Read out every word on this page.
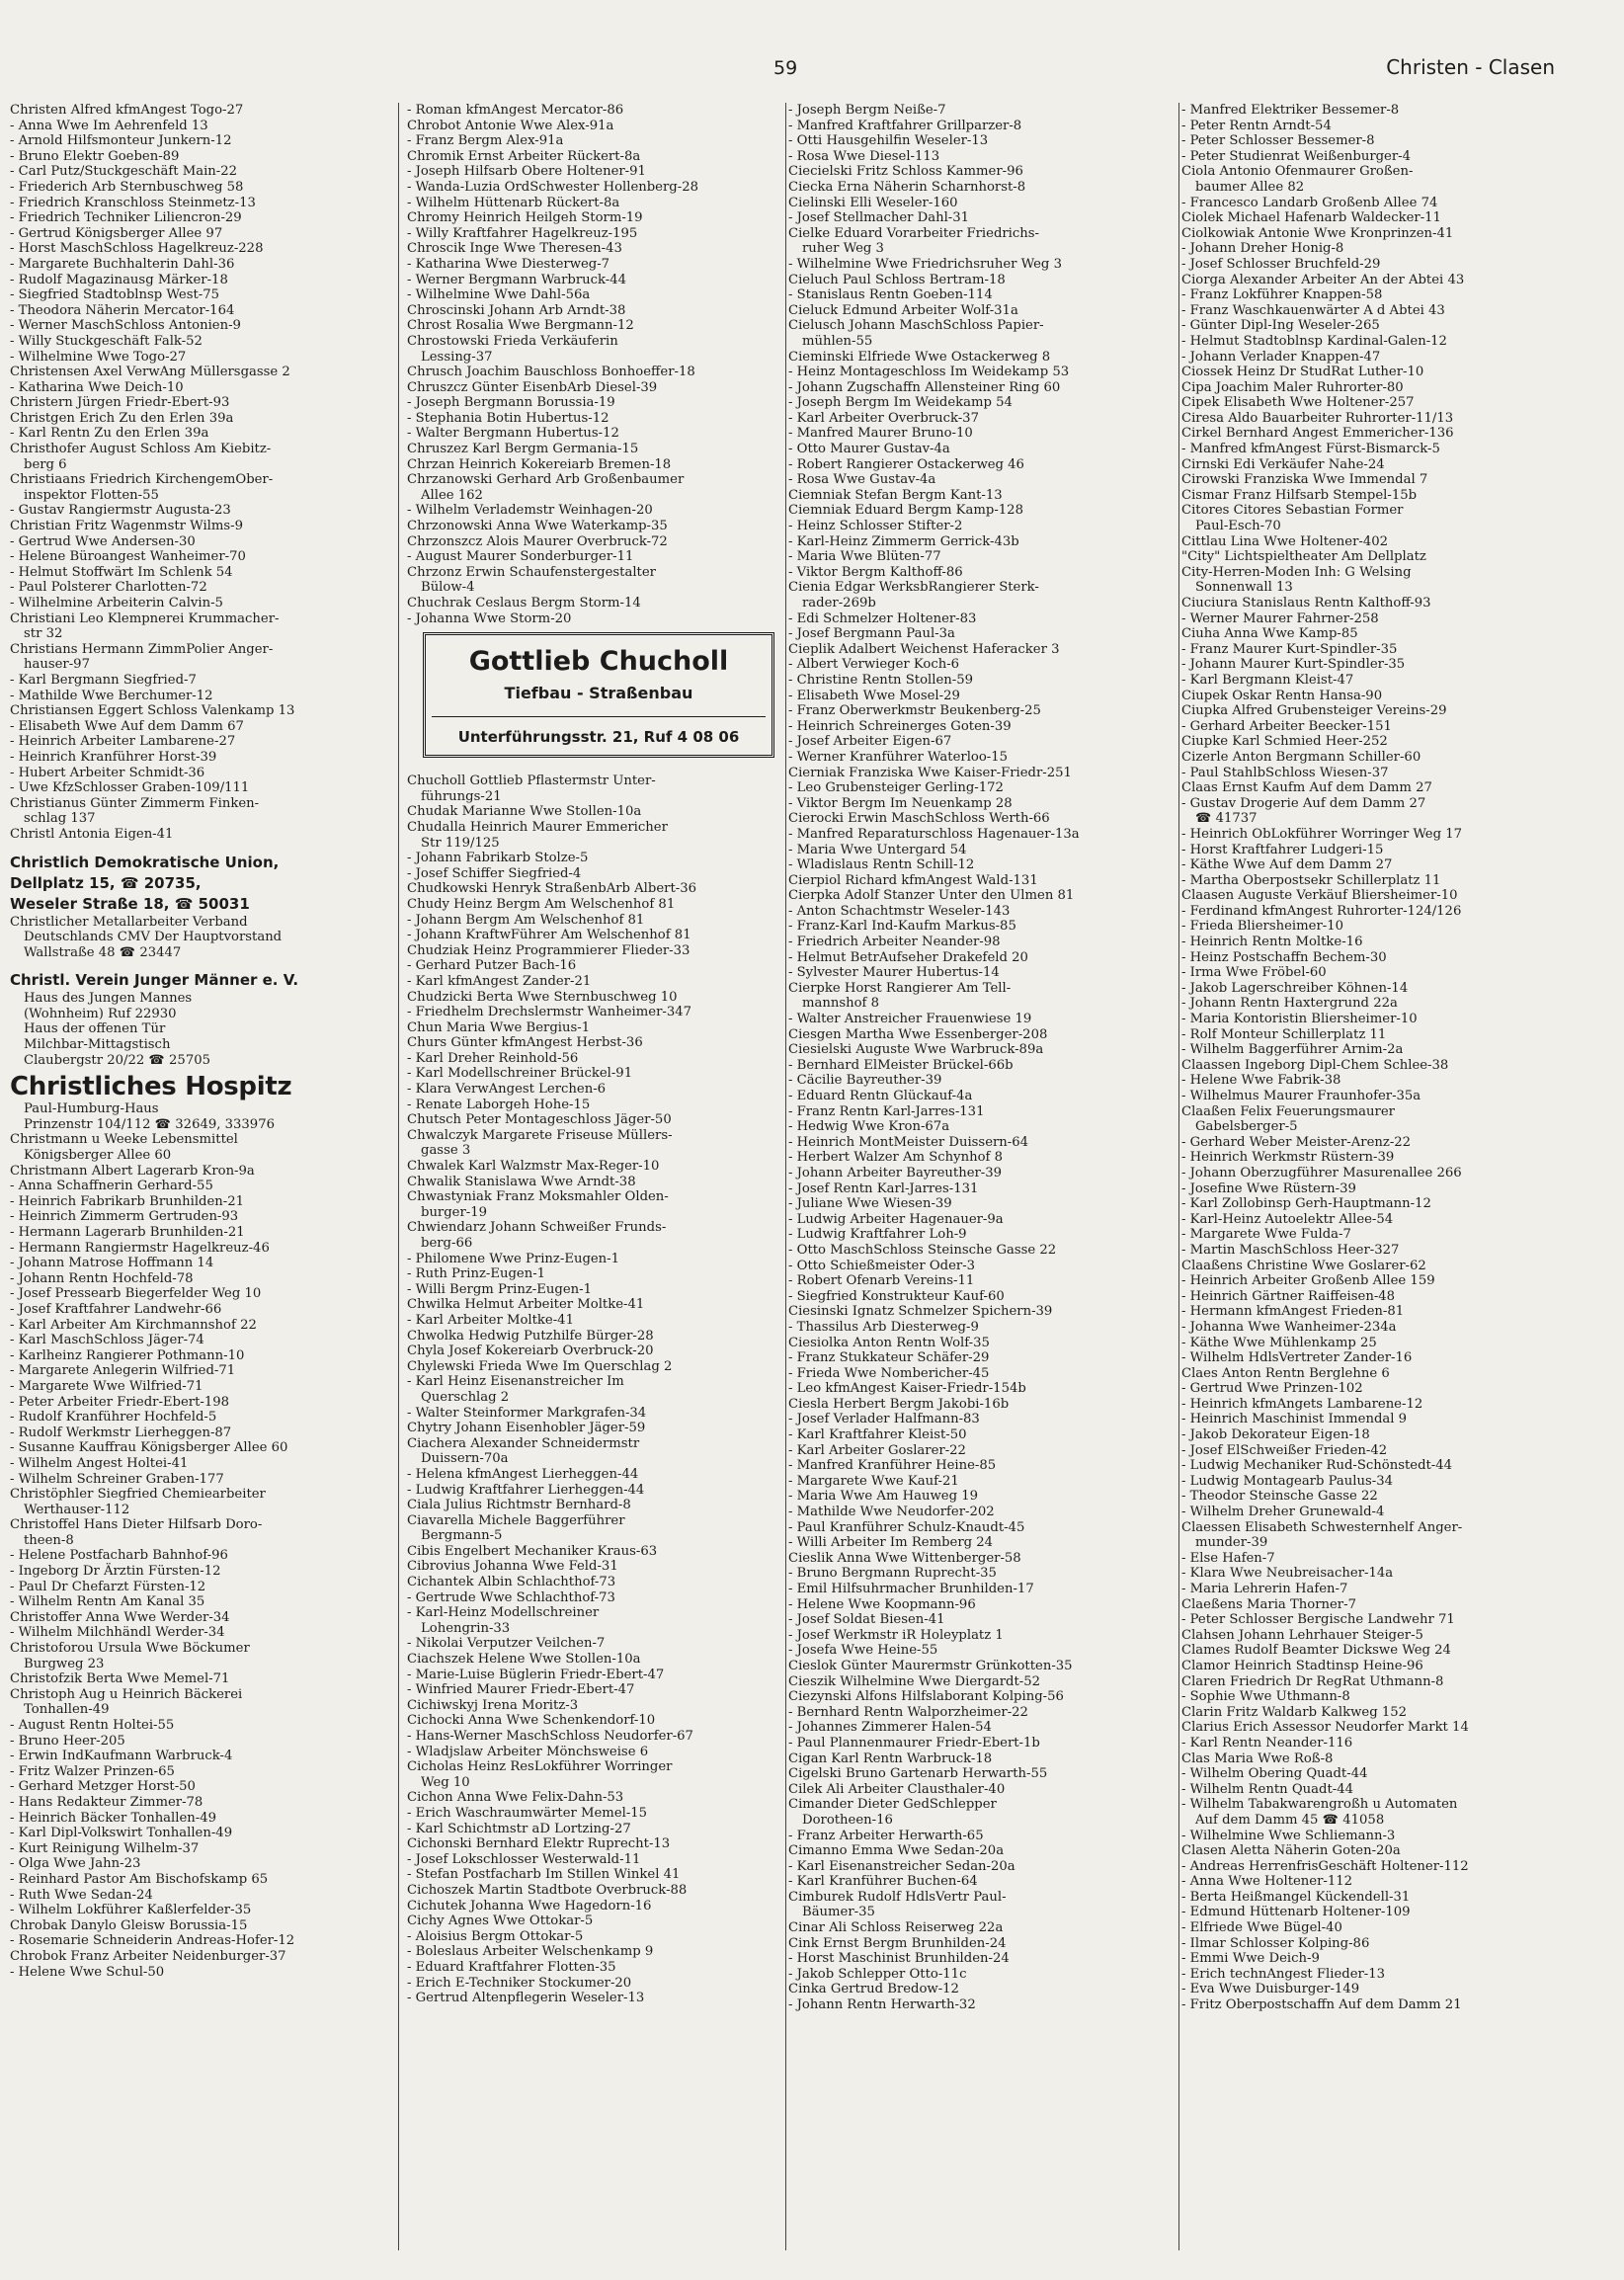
59	Christen - Clasen
Christen Alfred kfmAngest Togo-27
- Anna Wwe Im Aehrenfeld 13
- Arnold Hilfsmonteur Junkern-12
- Bruno Elektr Goeben-89
- Carl Putz/Stuckgeschäft Main-22
- Friederich Arb Sternbuschweg 58
- Friedrich Kranschloss Steinmetz-13
- Friedrich Techniker Liliencron-29
- Gertrud Königsberger Allee 97
- Horst MaschSchloss Hagelkreuz-228
- Margarete Buchhalterin Dahl-36
- Rudolf Magazinausg Märker-18
- Siegfried Stadtoblnsp West-75
- Theodora Näherin Mercator-164
- Werner MaschSchloss Antonien-9
- Willy Stuckgeschäft Falk-52
- Wilhelmine Wwe Togo-27
Christensen Axel VerwAng Müllersgasse 2
- Katharina Wwe Deich-10
Christern Jürgen Friedr-Ebert-93
Christgen Erich Zu den Erlen 39a
- Karl Rentn Zu den Erlen 39a
Christhofer August Schloss Am Kiebitz-
berg 6
Christiaans Friedrich KirchengemOber-
inspektor Flotten-55
- Gustav Rangiermstr Augusta-23
Christian Fritz Wagenmstr Wilms-9
- Gertrud Wwe Andersen-30
- Helene Büroangest Wanheimer-70
- Helmut Stoffwärt Im Schlenk 54
- Paul Polsterer Charlotten-72
- Wilhelmine Arbeiterin Calvin-5
Christiani Leo Klempnerei Krummacher-
str 32
Christians Hermann ZimmPolier Anger-
hauser-97
- Karl Bergmann Siegfried-7
- Mathilde Wwe Berchumer-12
Christiansen Eggert Schloss Valenkamp 13
- Elisabeth Wwe Auf dem Damm 67
- Heinrich Arbeiter Lambarene-27
- Heinrich Kranführer Horst-39
- Hubert Arbeiter Schmidt-36
- Uwe KfzSchlosser Graben-109/111
Christianus Günter Zimmerm Finken-
schlag 137
Christl Antonia Eigen-41
Christlich Demokratische Union,
Dellplatz 15, ☎ 20735,
Weseler Straße 18, ☎ 50031
Christlicher Metallarbeiter Verband
Deutschlands CMV Der Hauptvorstand
Wallstraße 48 ☎ 23447
Christl. Verein Junger Männer e. V.
Haus des Jungen Mannes
(Wohnheim) Ruf 22930
Haus der offenen Tür
Milchbar-Mittagstisch
Claubergstr 20/22 ☎ 25705
Christliches Hospitz
Paul-Humburg-Haus
Prinzenstr 104/112 ☎ 32649, 333976
Christmann u Weeke Lebensmittel
Königsberger Allee 60
Christmann Albert Lagerarb Kron-9a
- Anna Schaffnerin Gerhard-55
- Heinrich Fabrikarb Brunhilden-21
- Heinrich Zimmerm Gertruden-93
- Hermann Lagerarb Brunhilden-21
- Hermann Rangiermstr Hagelkreuz-46
- Johann Matrose Hoffmann 14
- Johann Rentn Hochfeld-78
- Josef Pressearb Biegerfelder Weg 10
- Josef Kraftfahrer Landwehr-66
- Karl Arbeiter Am Kirchmannshof 22
- Karl MaschSchloss Jäger-74
- Karlheinz Rangierer Pothmann-10
- Margarete Anlegerin Wilfried-71
- Margarete Wwe Wilfried-71
- Peter Arbeiter Friedr-Ebert-198
- Rudolf Kranführer Hochfeld-5
- Rudolf Werkmstr Lierheggen-87
- Susanne Kauffrau Königsberger Allee 60
- Wilhelm Angest Holtei-41
- Wilhelm Schreiner Graben-177
Christöphler Siegfried Chemiearbeiter
Werthauser-112
Christoffel Hans Dieter Hilfsarb Doro-
theen-8
- Helene Postfacharb Bahnhof-96
- Ingeborg Dr Ärztin Fürsten-12
- Paul Dr Chefarzt Fürsten-12
- Wilhelm Rentn Am Kanal 35
Christoffer Anna Wwe Werder-34
- Wilhelm Milchhändl Werder-34
Christoforou Ursula Wwe Böckumer
Burgweg 23
Christofzik Berta Wwe Memel-71
Christoph Aug u Heinrich Bäckerei
Tonhallen-49
- August Rentn Holtei-55
- Bruno Heer-205
- Erwin IndKaufmann Warbruck-4
- Fritz Walzer Prinzen-65
- Gerhard Metzger Horst-50
- Hans Redakteur Zimmer-78
- Heinrich Bäcker Tonhallen-49
- Karl Dipl-Volkswirt Tonhallen-49
- Kurt Reinigung Wilhelm-37
- Olga Wwe Jahn-23
- Reinhard Pastor Am Bischofskamp 65
- Ruth Wwe Sedan-24
- Wilhelm Lokführer Kaßlerfelder-35
Chrobak Danylo Gleisw Borussia-15
- Rosemarie Schneiderin Andreas-Hofer-12
Chrobok Franz Arbeiter Neidenburger-37
- Helene Wwe Schul-50
- Roman kfmAngest Mercator-86
Chrobot Antonie Wwe Alex-91a
- Franz Bergm Alex-91a
Chromik Ernst Arbeiter Rückert-8a
- Joseph Hilfsarb Obere Holtener-91
- Wanda-Luzia OrdSchwester Hollenberg-28
- Wilhelm Hüttenarb Rückert-8a
Chromy Heinrich Heilgeh Storm-19
- Willy Kraftfahrer Hagelkreuz-195
Chroscik Inge Wwe Theresen-43
- Katharina Wwe Diesterweg-7
- Werner Bergmann Warbruck-44
- Wilhelmine Wwe Dahl-56a
Chroscinski Johann Arb Arndt-38
Chrost Rosalia Wwe Bergmann-12
Chrostowski Frieda Verkäuferin
Lessing-37
Chrusch Joachim Bauschloss Bonhoeffer-18
Chruszcz Günter EisenbArb Diesel-39
- Joseph Bergmann Borussia-19
- Stephania Botin Hubertus-12
- Walter Bergmann Hubertus-12
Chruszez Karl Bergm Germania-15
Chrzan Heinrich Kokereiarb Bremen-18
Chrzanowski Gerhard Arb Großenbaumer
Allee 162
- Wilhelm Verlademstr Weinhagen-20
Chrzonowski Anna Wwe Waterkamp-35
Chrzonszcz Alois Maurer Overbruck-72
- August Maurer Sonderburger-11
Chrzonz Erwin Schaufenstergestalter
Bülow-4
Chuchrak Ceslaus Bergm Storm-14
- Johanna Wwe Storm-20
Gottlieb Chucholl
Tiefbau - Straßenbau
Unterführungsstr. 21, Ruf 4 08 06
Chucholl Gottlieb Pflastermstr Unter-
führungs-21
Chudak Marianne Wwe Stollen-10a
Chudalla Heinrich Maurer Emmericher
Str 119/125
- Johann Fabrikarb Stolze-5
- Josef Schiffer Siegfried-4
Chudkowski Henryk StraßenbArb Albert-36
Chudy Heinz Bergm Am Welschenhof 81
- Johann Bergm Am Welschenhof 81
- Johann KraftwFührer Am Welschenhof 81
Chudziak Heinz Programmierer Flieder-33
- Gerhard Putzer Bach-16
- Karl kfmAngest Zander-21
Chudzicki Berta Wwe Sternbuschweg 10
- Friedhelm Drechslermstr Wanheimer-347
Chun Maria Wwe Bergius-1
Churs Günter kfmAngest Herbst-36
- Karl Dreher Reinhold-56
- Karl Modellschreiner Brückel-91
- Klara VerwAngest Lerchen-6
- Renate Laborgeh Hohe-15
Chutsch Peter Montageschloss Jäger-50
Chwalczyk Margarete Friseuse Müllers-
gasse 3
Chwalek Karl Walzmstr Max-Reger-10
Chwalik Stanislawa Wwe Arndt-38
Chwastyniak Franz Moksmahler Olden-
burger-19
Chwiendarz Johann Schweißer Frunds-
berg-66
- Philomene Wwe Prinz-Eugen-1
- Ruth Prinz-Eugen-1
- Willi Bergm Prinz-Eugen-1
Chwilka Helmut Arbeiter Moltke-41
- Karl Arbeiter Moltke-41
Chwolka Hedwig Putzhilfe Bürger-28
Chyla Josef Kokereiarb Overbruck-20
Chylewski Frieda Wwe Im Querschlag 2
- Karl Heinz Eisenanstreicher Im
Querschlag 2
- Walter Steinformer Markgrafen-34
Chytry Johann Eisenhobler Jäger-59
Ciachera Alexander Schneidermstr
Duissern-70a
- Helena kfmAngest Lierheggen-44
- Ludwig Kraftfahrer Lierheggen-44
Ciala Julius Richtmstr Bernhard-8
Ciavarella Michele Baggerführer
Bergmann-5
Cibis Engelbert Mechaniker Kraus-63
Cibrovius Johanna Wwe Feld-31
Cichantek Albin Schlachthof-73
- Gertrude Wwe Schlachthof-73
- Karl-Heinz Modellschreiner
Lohengrin-33
- Nikolai Verputzer Veilchen-7
Ciachszek Helene Wwe Stollen-10a
- Marie-Luise Büglerin Friedr-Ebert-47
- Winfried Maurer Friedr-Ebert-47
Cichiwskyj Irena Moritz-3
Cichocki Anna Wwe Schenkendorf-10
- Hans-Werner MaschSchloss Neudorfer-67
- Wladjslaw Arbeiter Mönchsweise 6
Cicholas Heinz ResLokführer Worringer
Weg 10
Cichon Anna Wwe Felix-Dahn-53
- Erich Waschraumwärter Memel-15
- Karl Schichtmstr aD Lortzing-27
Cichonski Bernhard Elektr Ruprecht-13
- Josef Lokschlosser Westerwald-11
- Stefan Postfacharb Im Stillen Winkel 41
Cichoszek Martin Stadtbote Overbruck-88
Cichutek Johanna Wwe Hagedorn-16
Cichy Agnes Wwe Ottokar-5
- Aloisius Bergm Ottokar-5
- Boleslaus Arbeiter Welschenkamp 9
- Eduard Kraftfahrer Flotten-35
- Erich E-Techniker Stockumer-20
- Gertrud Altenpflegerin Weseler-13
- Joseph Bergm Neiße-7
- Manfred Kraftfahrer Grillparzer-8
- Otti Hausgehilfin Weseler-13
- Rosa Wwe Diesel-113
Ciecielski Fritz Schloss Kammer-96
Ciecka Erna Näherin Scharnhorst-8
Cielinski Elli Weseler-160
- Josef Stellmacher Dahl-31
Cielke Eduard Vorarbeiter Friedrichs-
ruher Weg 3
- Wilhelmine Wwe Friedrichsruher Weg 3
Cieluch Paul Schloss Bertram-18
- Stanislaus Rentn Goeben-114
Cieluck Edmund Arbeiter Wolf-31a
Cielusch Johann MaschSchloss Papier-
mühlen-55
Cieminski Elfriede Wwe Ostackerweg 8
- Heinz Montageschloss Im Weidekamp 53
- Johann Zugschaffn Allensteiner Ring 60
- Joseph Bergm Im Weidekamp 54
- Karl Arbeiter Overbruck-37
- Manfred Maurer Bruno-10
- Otto Maurer Gustav-4a
- Robert Rangierer Ostackerweg 46
- Rosa Wwe Gustav-4a
Ciemniak Stefan Bergm Kant-13
Ciemniak Eduard Bergm Kamp-128
- Heinz Schlosser Stifter-2
- Karl-Heinz Zimmerm Gerrick-43b
- Maria Wwe Blüten-77
- Viktor Bergm Kalthoff-86
Cienia Edgar WerksbRangierer Sterk-
rader-269b
- Edi Schmelzer Holtener-83
- Josef Bergmann Paul-3a
Cieplik Adalbert Weichenst Haferacker 3
- Albert Verwieger Koch-6
- Christine Rentn Stollen-59
- Elisabeth Wwe Mosel-29
- Franz Oberwerkmstr Beukenberg-25
- Heinrich Schreinerges Goten-39
- Josef Arbeiter Eigen-67
- Werner Kranführer Waterloo-15
Cierniak Franziska Wwe Kaiser-Friedr-251
- Leo Grubensteiger Gerling-172
- Viktor Bergm Im Neuenkamp 28
Cierocki Erwin MaschSchloss Werth-66
- Manfred Reparaturschloss Hagenauer-13a
- Maria Wwe Untergard 54
- Wladislaus Rentn Schill-12
Cierpiol Richard kfmAngest Wald-131
Cierpka Adolf Stanzer Unter den Ulmen 81
- Anton Schachtmstr Weseler-143
- Franz-Karl Ind-Kaufm Markus-85
- Friedrich Arbeiter Neander-98
- Helmut BetrAufseher Drakefeld 20
- Sylvester Maurer Hubertus-14
Cierpke Horst Rangierer Am Tell-
mannshof 8
- Walter Anstreicher Frauenwiese 19
Ciesgen Martha Wwe Essenberger-208
Ciesielski Auguste Wwe Warbruck-89a
- Bernhard ElMeister Brückel-66b
- Cäcilie Bayreuther-39
- Eduard Rentn Glückauf-4a
- Franz Rentn Karl-Jarres-131
- Hedwig Wwe Kron-67a
- Heinrich MontMeister Duissern-64
- Herbert Walzer Am Schynhof 8
- Johann Arbeiter Bayreuther-39
- Josef Rentn Karl-Jarres-131
- Juliane Wwe Wiesen-39
- Ludwig Arbeiter Hagenauer-9a
- Ludwig Kraftfahrer Loh-9
- Otto MaschSchloss Steinsche Gasse 22
- Otto Schießmeister Oder-3
- Robert Ofenarb Vereins-11
- Siegfried Konstrukteur Kauf-60
Ciesinski Ignatz Schmelzer Spichern-39
- Thassilus Arb Diesterweg-9
Ciesiolka Anton Rentn Wolf-35
- Franz Stukkateur Schäfer-29
- Frieda Wwe Nombericher-45
- Leo kfmAngest Kaiser-Friedr-154b
Ciesla Herbert Bergm Jakobi-16b
- Josef Verlader Halfmann-83
- Karl Kraftfahrer Kleist-50
- Karl Arbeiter Goslarer-22
- Manfred Kranführer Heine-85
- Margarete Wwe Kauf-21
- Maria Wwe Am Hauweg 19
- Mathilde Wwe Neudorfer-202
- Paul Kranführer Schulz-Knaudt-45
- Willi Arbeiter Im Remberg 24
Cieslik Anna Wwe Wittenberger-58
- Bruno Bergmann Ruprecht-35
- Emil Hilfsuhrmacher Brunhilden-17
- Helene Wwe Koopmann-96
- Josef Soldat Biesen-41
- Josef Werkmstr iR Holeyplatz 1
- Josefa Wwe Heine-55
Cieslok Günter Maurermstr Grünkotten-35
Cieszik Wilhelmine Wwe Diergardt-52
Ciezynski Alfons Hilfslaborant Kolping-56
- Bernhard Rentn Walporzheimer-22
- Johannes Zimmerer Halen-54
- Paul Plannenmaurer Friedr-Ebert-1b
Cigan Karl Rentn Warbruck-18
Cigelski Bruno Gartenarb Herwarth-55
Cilek Ali Arbeiter Clausthaler-40
Cimander Dieter GedSchlepper
Dorotheen-16
- Franz Arbeiter Herwarth-65
Cimanno Emma Wwe Sedan-20a
- Karl Eisenanstreicher Sedan-20a
- Karl Kranführer Buchen-64
Cimburek Rudolf HdlsVertr Paul-
Bäumer-35
Cinar Ali Schloss Reiserweg 22a
Cink Ernst Bergm Brunhilden-24
- Horst Maschinist Brunhilden-24
- Jakob Schlepper Otto-11c
Cinka Gertrud Bredow-12
- Johann Rentn Herwarth-32
- Manfred Elektriker Bessemer-8
- Peter Rentn Arndt-54
- Peter Schlosser Bessemer-8
- Peter Studienrat Weißenburger-4
Ciola Antonio Ofenmaurer Großen-
baumer Allee 82
- Francesco Landarb Großenb Allee 74
Ciolek Michael Hafenarb Waldecker-11
Ciolkowiak Antonie Wwe Kronprinzen-41
- Johann Dreher Honig-8
- Josef Schlosser Bruchfeld-29
Ciorga Alexander Arbeiter An der Abtei 43
- Franz Lokführer Knappen-58
- Franz Waschkauenwärter A d Abtei 43
- Günter Dipl-Ing Weseler-265
- Helmut Stadtoblnsp Kardinal-Galen-12
- Johann Verlader Knappen-47
Ciossek Heinz Dr StudRat Luther-10
Cipa Joachim Maler Ruhrorter-80
Cipek Elisabeth Wwe Holtener-257
Ciresa Aldo Bauarbeiter Ruhrorter-11/13
Cirkel Bernhard Angest Emmericher-136
- Manfred kfmAngest Fürst-Bismarck-5
Cirnski Edi Verkäufer Nahe-24
Cirowski Franziska Wwe Immendal 7
Cismar Franz Hilfsarb Stempel-15b
Citores Citores Sebastian Former
Paul-Esch-70
Cittlau Lina Wwe Holtener-402
"City" Lichtspieltheater Am Dellplatz
City-Herren-Moden Inh: G Welsing
Sonnenwall 13
Ciuciura Stanislaus Rentn Kalthoff-93
- Werner Maurer Fahrner-258
Ciuha Anna Wwe Kamp-85
- Franz Maurer Kurt-Spindler-35
- Johann Maurer Kurt-Spindler-35
- Karl Bergmann Kleist-47
Ciupek Oskar Rentn Hansa-90
Ciupka Alfred Grubensteiger Vereins-29
- Gerhard Arbeiter Beecker-151
Ciupke Karl Schmied Heer-252
Cizerle Anton Bergmann Schiller-60
- Paul StahlbSchloss Wiesen-37
Claas Ernst Kaufm Auf dem Damm 27
- Gustav Drogerie Auf dem Damm 27
☎ 41737
- Heinrich ObLokführer Worringer Weg 17
- Horst Kraftfahrer Ludgeri-15
- Käthe Wwe Auf dem Damm 27
- Martha Oberpostsekr Schillerplatz 11
Claasen Auguste Verkäuf Bliersheimer-10
- Ferdinand kfmAngest Ruhrorter-124/126
- Frieda Bliersheimer-10
- Heinrich Rentn Moltke-16
- Heinz Postschaffn Bechem-30
- Irma Wwe Fröbel-60
- Jakob Lagerschreiber Köhnen-14
- Johann Rentn Haxtergrund 22a
- Maria Kontoristin Bliersheimer-10
- Rolf Monteur Schillerplatz 11
- Wilhelm Baggerführer Arnim-2a
Claassen Ingeborg Dipl-Chem Schlee-38
- Helene Wwe Fabrik-38
- Wilhelmus Maurer Fraunhofer-35a
Claaßen Felix Feuerungsmaurer
Gabelsberger-5
- Gerhard Weber Meister-Arenz-22
- Heinrich Werkmstr Rüstern-39
- Johann Oberzugführer Masurenallee 266
- Josefine Wwe Rüstern-39
- Karl Zollobinsp Gerh-Hauptmann-12
- Karl-Heinz Autoelektr Allee-54
- Margarete Wwe Fulda-7
- Martin MaschSchloss Heer-327
Claaßens Christine Wwe Goslarer-62
- Heinrich Arbeiter Großenb Allee 159
- Heinrich Gärtner Raiffeisen-48
- Hermann kfmAngest Frieden-81
- Johanna Wwe Wanheimer-234a
- Käthe Wwe Mühlenkamp 25
- Wilhelm HdlsVertreter Zander-16
Claes Anton Rentn Berglehne 6
- Gertrud Wwe Prinzen-102
- Heinrich kfmAngets Lambarene-12
- Heinrich Maschinist Immendal 9
- Jakob Dekorateur Eigen-18
- Josef ElSchweißer Frieden-42
- Ludwig Mechaniker Rud-Schönstedt-44
- Ludwig Montagearb Paulus-34
- Theodor Steinsche Gasse 22
- Wilhelm Dreher Grunewald-4
Claessen Elisabeth Schwesternhelf Anger-
munder-39
- Else Hafen-7
- Klara Wwe Neubreisacher-14a
- Maria Lehrerin Hafen-7
Claeßens Maria Thorner-7
- Peter Schlosser Bergische Landwehr 71
Clahsen Johann Lehrhauer Steiger-5
Clames Rudolf Beamter Dickswe Weg 24
Clamor Heinrich Stadtinsp Heine-96
Claren Friedrich Dr RegRat Uthmann-8
- Sophie Wwe Uthmann-8
Clarin Fritz Waldarb Kalkweg 152
Clarius Erich Assessor Neudorfer Markt 14
- Karl Rentn Neander-116
Clas Maria Wwe Roß-8
- Wilhelm Obering Quadt-44
- Wilhelm Rentn Quadt-44
- Wilhelm Tabakwarengroßh u Automaten
Auf dem Damm 45 ☎ 41058
- Wilhelmine Wwe Schliemann-3
Clasen Aletta Näherin Goten-20a
- Andreas HerrenfrisGeschäft Holtener-112
- Anna Wwe Holtener-112
- Berta Heißmangel Kückendell-31
- Edmund Hüttenarb Holtener-109
- Elfriede Wwe Bügel-40
- Ilmar Schlosser Kolping-86
- Emmi Wwe Deich-9
- Erich technAngest Flieder-13
- Eva Wwe Duisburger-149
- Fritz Oberpostschaffn Auf dem Damm 21
